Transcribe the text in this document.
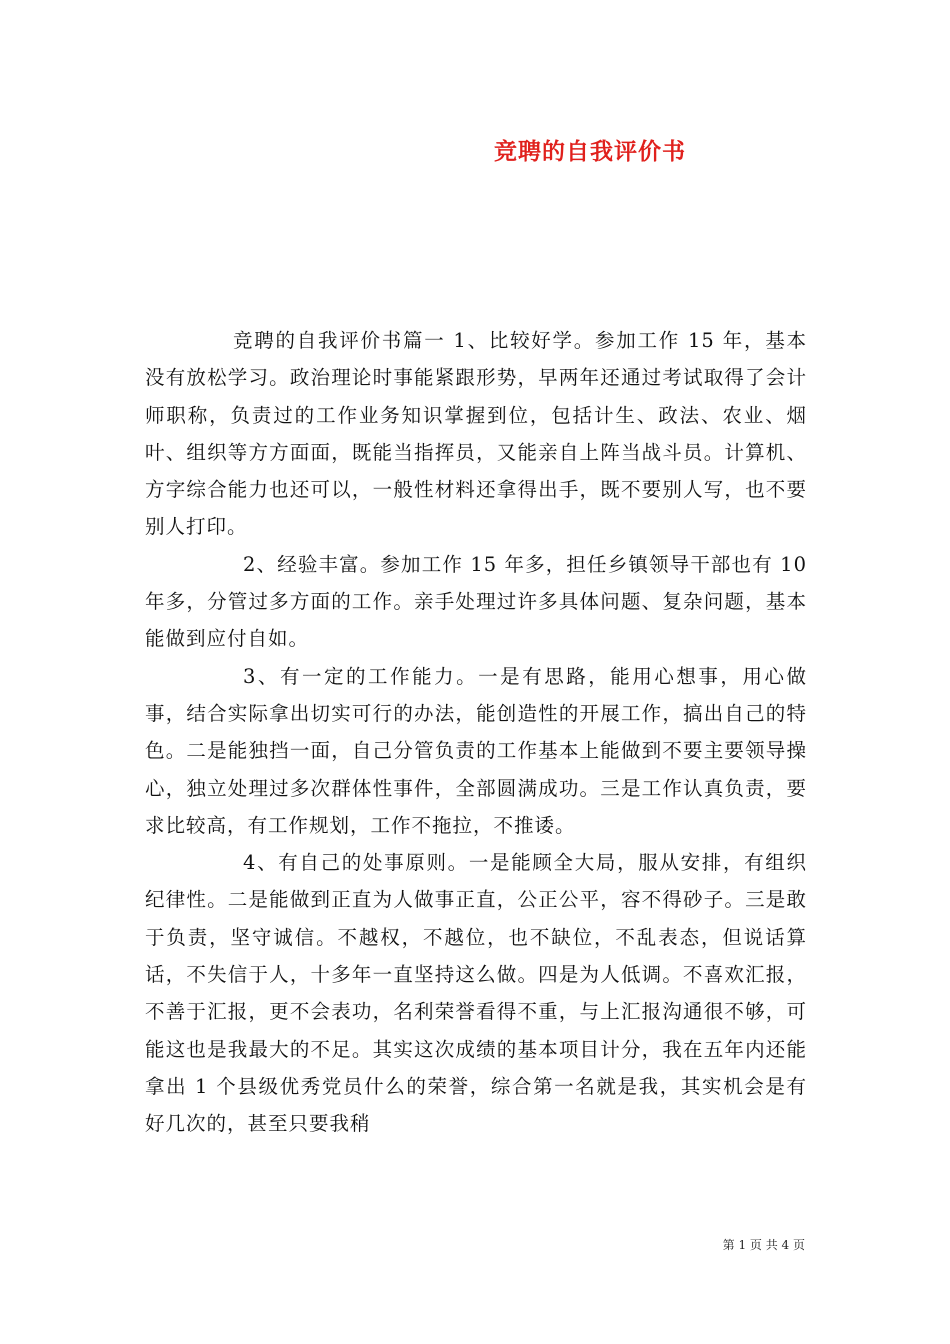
竞聘的自我评价书

竞聘的自我评价书篇一 1、比较好学。参加工作 15 年，基本没有放松学习。政治理论时事能紧跟形势，早两年还通过考试取得了会计师职称，负责过的工作业务知识掌握到位，包括计生、政法、农业、烟叶、组织等方方面面，既能当指挥员，又能亲自上阵当战斗员。计算机、方字综合能力也还可以，一般性材料还拿得出手，既不要别人写，也不要别人打印。

2、经验丰富。参加工作 15 年多，担任乡镇领导干部也有 10 年多，分管过多方面的工作。亲手处理过许多具体问题、复杂问题，基本能做到应付自如。

3、有一定的工作能力。一是有思路，能用心想事，用心做事，结合实际拿出切实可行的办法，能创造性的开展工作，搞出自己的特色。二是能独挡一面，自己分管负责的工作基本上能做到不要主要领导操心，独立处理过多次群体性事件，全部圆满成功。三是工作认真负责，要求比较高，有工作规划，工作不拖拉，不推诿。

4、有自己的处事原则。一是能顾全大局，服从安排，有组织纪律性。二是能做到正直为人做事正直，公正公平，容不得砂子。三是敢于负责，坚守诚信。不越权，不越位，也不缺位，不乱表态，但说话算话，不失信于人，十多年一直坚持这么做。四是为人低调。不喜欢汇报，不善于汇报，更不会表功，名利荣誉看得不重，与上汇报沟通很不够，可能这也是我最大的不足。其实这次成绩的基本项目计分，我在五年内还能拿出 1 个县级优秀党员什么的荣誉，综合第一名就是我，其实机会是有好几次的，甚至只要我稍

第 1 页 共 4 页
